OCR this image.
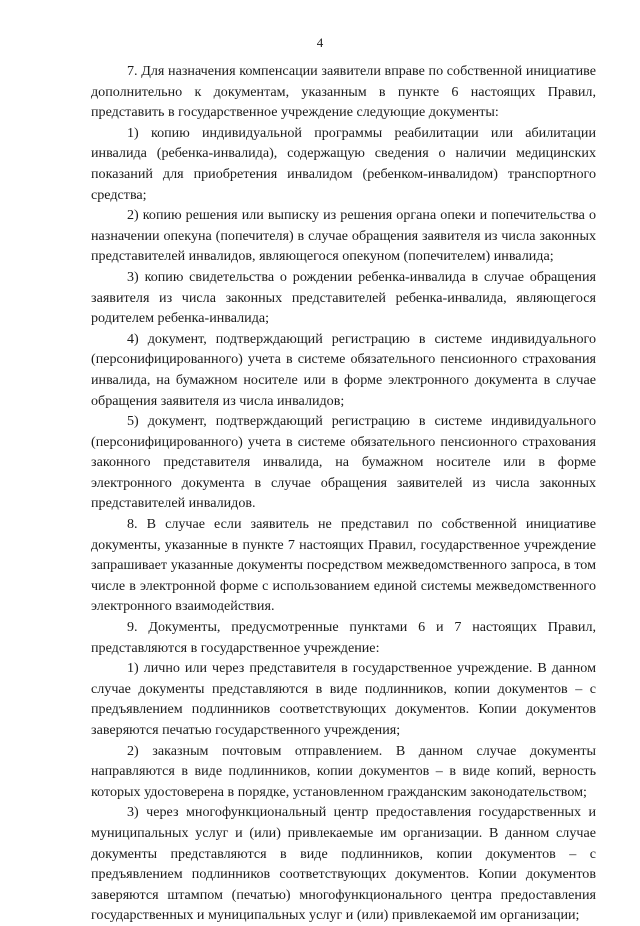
4

7. Для назначения компенсации заявители вправе по собственной инициативе дополнительно к документам, указанным в пункте 6 настоящих Правил, представить в государственное учреждение следующие документы:

1) копию индивидуальной программы реабилитации или абилитации инвалида (ребенка-инвалида), содержащую сведения о наличии медицинских показаний для приобретения инвалидом (ребенком-инвалидом) транспортного средства;

2) копию решения или выписку из решения органа опеки и попечительства о назначении опекуна (попечителя) в случае обращения заявителя из числа законных представителей инвалидов, являющегося опекуном (попечителем) инвалида;

3) копию свидетельства о рождении ребенка-инвалида в случае обращения заявителя из числа законных представителей ребенка-инвалида, являющегося родителем ребенка-инвалида;

4) документ, подтверждающий регистрацию в системе индивидуального (персонифицированного) учета в системе обязательного пенсионного страхования инвалида, на бумажном носителе или в форме электронного документа в случае обращения заявителя из числа инвалидов;

5) документ, подтверждающий регистрацию в системе индивидуального (персонифицированного) учета в системе обязательного пенсионного страхования законного представителя инвалида, на бумажном носителе или в форме электронного документа в случае обращения заявителей из числа законных представителей инвалидов.

8. В случае если заявитель не представил по собственной инициативе документы, указанные в пункте 7 настоящих Правил, государственное учреждение запрашивает указанные документы посредством межведомственного запроса, в том числе в электронной форме с использованием единой системы межведомственного электронного взаимодействия.

9. Документы, предусмотренные пунктами 6 и 7 настоящих Правил, представляются в государственное учреждение:

1) лично или через представителя в государственное учреждение. В данном случае документы представляются в виде подлинников, копии документов – с предъявлением подлинников соответствующих документов. Копии документов заверяются печатью государственного учреждения;

2) заказным почтовым отправлением. В данном случае документы направляются в виде подлинников, копии документов – в виде копий, верность которых удостоверена в порядке, установленном гражданским законодательством;

3) через многофункциональный центр предоставления государственных и муниципальных услуг и (или) привлекаемые им организации. В данном случае документы представляются в виде подлинников, копии документов – с предъявлением подлинников соответствующих документов. Копии документов заверяются штампом (печатью) многофункционального центра предоставления государственных и муниципальных услуг и (или) привлекаемой им организации;
